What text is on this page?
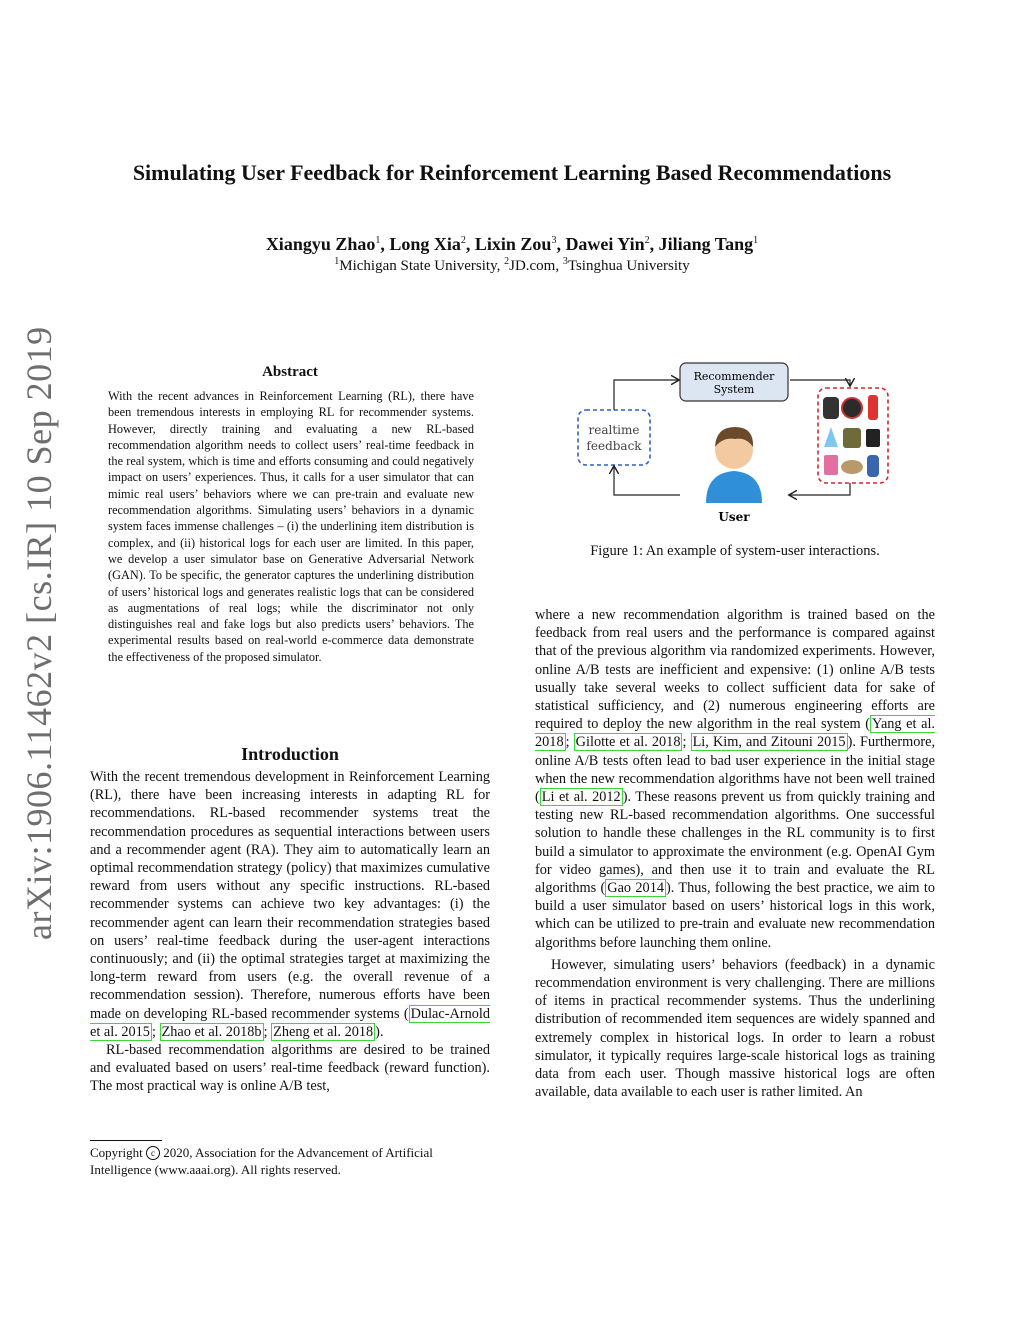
Simulating User Feedback for Reinforcement Learning Based Recommendations
Xiangyu Zhao$^1$, Long Xia$^2$, Lixin Zou$^3$, Dawei Yin$^2$, Jiliang Tang$^1$
$^1$Michigan State University, $^2$JD.com, $^3$Tsinghua University
arXiv:1906.11462v2 [cs.IR] 10 Sep 2019	Abstract
With the recent advances in Reinforcement Learning (RL), there have been tremendous interests in employing RL for recommender systems. However, directly training and evaluating a new RL-based recommendation algorithm needs to collect users’ real-time feedback in the real system, which is time and efforts consuming and could negatively impact on users’ experiences. Thus, it calls for a user simulator that can mimic real users’ behaviors where we can pre-train and evaluate new recommendation algorithms. Simulating users’ behaviors in a dynamic system faces immense challenges – (i) the underlining item distribution is complex, and (ii) historical logs for each user are limited. In this paper, we develop a user simulator base on Generative Adversarial Network (GAN). To be specific, the generator captures the underlining distribution of users’ historical logs and generates realistic logs that can be considered as augmentations of real logs; while the discriminator not only distinguishes real and fake logs but also predicts users’ behaviors. The experimental results based on real-world e-commerce data demonstrate the effectiveness of the proposed simulator.
Introduction

With the recent tremendous development in Reinforcement Learning (RL), there have been increasing interests in adapting RL for recommendations. RL-based recommender systems treat the recommendation procedures as sequential interactions between users and a recommender agent (RA). They aim to automatically learn an optimal recommendation strategy (policy) that maximizes cumulative reward from users without any specific instructions. RL-based recommender systems can achieve two key advantages: (i) the recommender agent can learn their recommendation strategies based on users’ real-time feedback during the user-agent interactions continuously; and (ii) the optimal strategies target at maximizing the long-term reward from users (e.g. the overall revenue of a recommendation session). Therefore, numerous efforts have been made on developing RL-based recommender systems ( Dulac-Arnold et al. 2015 ; Zhao et al. 2018b ; Zheng et al. 2018 ).

RL-based recommendation algorithms are desired to be trained and evaluated based on users’ real-time feedback (reward function). The most practical way is online A/B test,

Copyright c 2020, Association for the Advancement of Artificial Intelligence (www.aaai.org). All rights reserved.
Recommender
System
realtime
feedback
User
Figure 1: An example of system-user interactions.

where a new recommendation algorithm is trained based on the feedback from real users and the performance is compared against that of the previous algorithm via randomized experiments. However, online A/B tests are inefficient and expensive: (1) online A/B tests usually take several weeks to collect sufficient data for sake of statistical sufficiency, and (2) numerous engineering efforts are required to deploy the new algorithm in the real system ( Yang et al. 2018 ; Gilotte et al. 2018 ; Li, Kim, and Zitouni 2015 ). Furthermore, online A/B tests often lead to bad user experience in the initial stage when the new recommendation algorithms have not been well trained ( Li et al. 2012 ). These reasons prevent us from quickly training and testing new RL-based recommendation algorithms. One successful solution to handle these challenges in the RL community is to first build a simulator to approximate the environment (e.g. OpenAI Gym for video games), and then use it to train and evaluate the RL algorithms ( Gao 2014 ). Thus, following the best practice, we aim to build a user simulator based on users’ historical logs in this work, which can be utilized to pre-train and evaluate new recommendation algorithms before launching them online.

However, simulating users’ behaviors (feedback) in a dynamic recommendation environment is very challenging. There are millions of items in practical recommender systems. Thus the underlining distribution of recommended item sequences are widely spanned and extremely complex in historical logs. In order to learn a robust simulator, it typically requires large-scale historical logs as training data from each user. Though massive historical logs are often available, data available to each user is rather limited. An
